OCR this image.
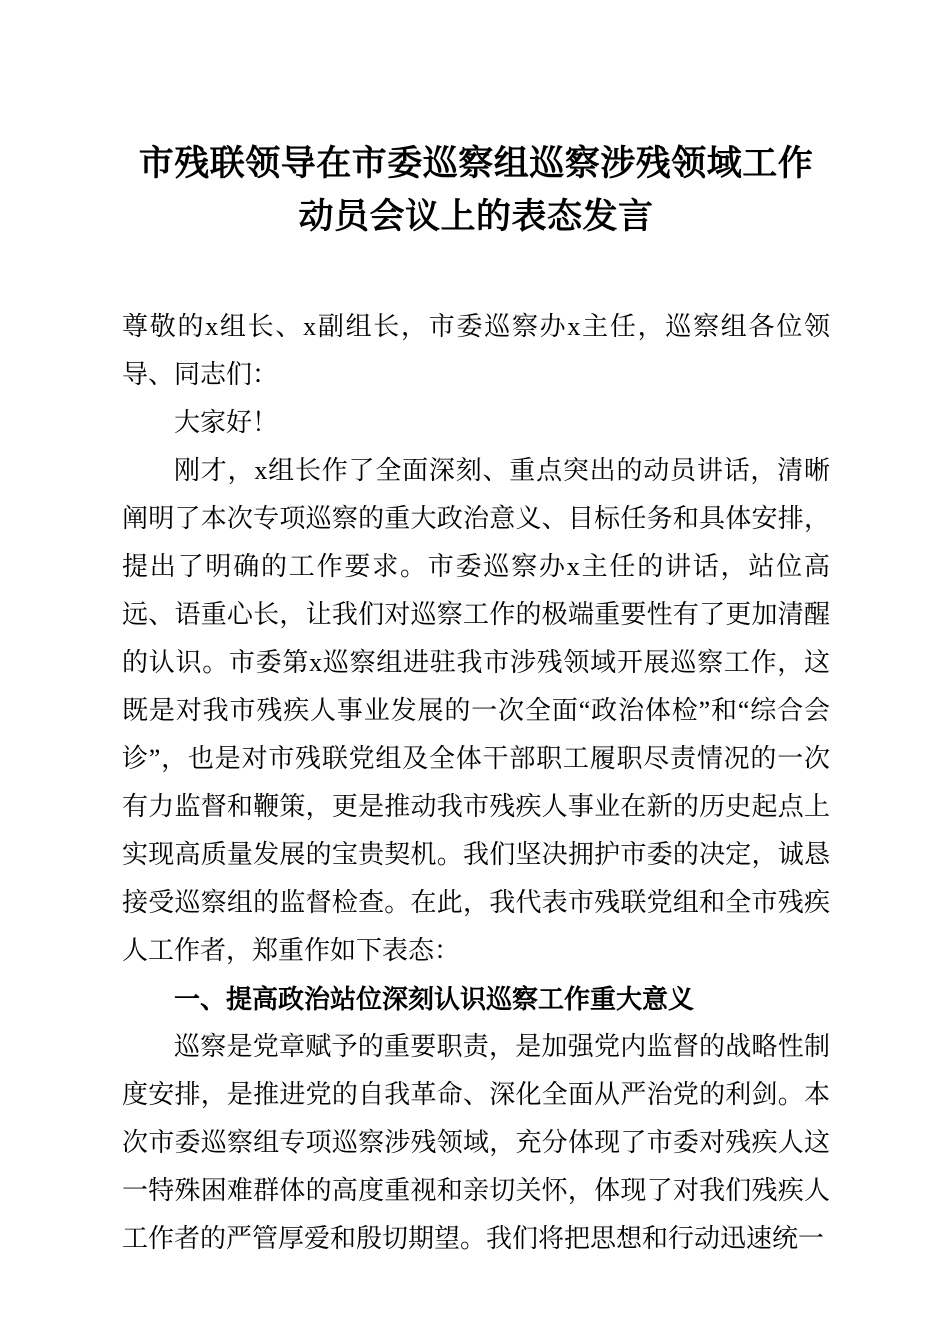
市残联领导在市委巡察组巡察涉残领域工作动员会议上的表态发言

尊敬的x组长、x副组长，市委巡察办x主任，巡察组各位领导、同志们：

大家好！

刚才，x组长作了全面深刻、重点突出的动员讲话，清晰阐明了本次专项巡察的重大政治意义、目标任务和具体安排，提出了明确的工作要求。市委巡察办x主任的讲话，站位高远、语重心长，让我们对巡察工作的极端重要性有了更加清醒的认识。市委第x巡察组进驻我市涉残领域开展巡察工作，这既是对我市残疾人事业发展的一次全面“政治体检”和“综合会诊”，也是对市残联党组及全体干部职工履职尽责情况的一次有力监督和鞭策，更是推动我市残疾人事业在新的历史起点上实现高质量发展的宝贵契机。我们坚决拥护市委的决定，诚恳接受巡察组的监督检查。在此，我代表市残联党组和全市残疾人工作者，郑重作如下表态：

一、提高政治站位深刻认识巡察工作重大意义

巡察是党章赋予的重要职责，是加强党内监督的战略性制度安排，是推进党的自我革命、深化全面从严治党的利剑。本次市委巡察组专项巡察涉残领域，充分体现了市委对残疾人这一特殊困难群体的高度重视和亲切关怀，体现了对我们残疾人工作者的严管厚爱和殷切期望。我们将把思想和行动迅速统一
